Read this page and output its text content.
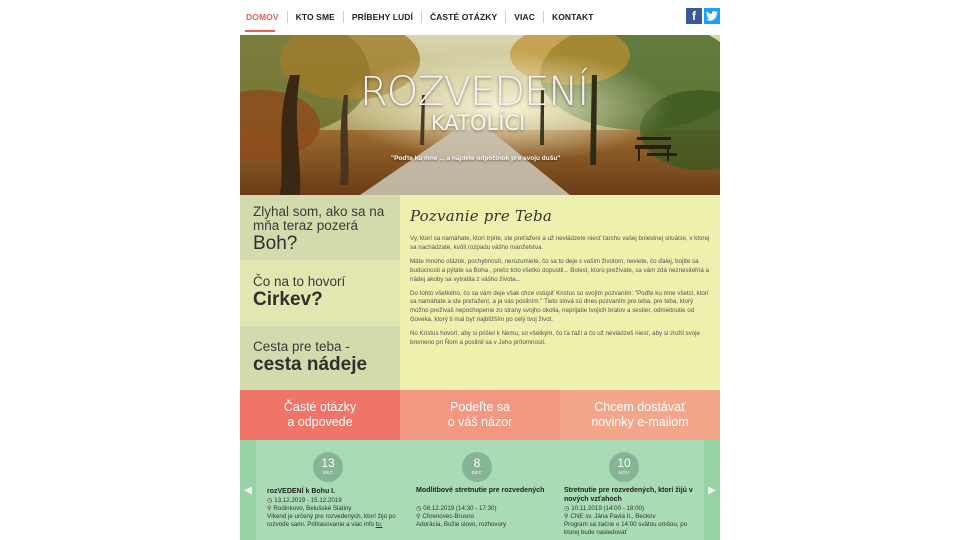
DOMOV	KTO SME	PRÍBEHY LUDÍ	ČASTÉ OTÁZKY	VIAC	KONTAKT	f
ROZVEDENÍ
KATOLÍCI
"Poďte ku mne ... a nájdete odpočinok pre svoju dušu"
Zlyhal som, ako sa na mňa teraz pozerá
Boh?
Čo na to hovorí
Cirkev?
Cesta pre teba -
cesta nádeje
Pozvanie pre Teba

Vy, ktorí sa namáhate, ktorí trpíte, ste preťažení a už nevládzete niesť ťarchu vašej bolestnej situácie, v ktorej sa nachádzate, kvôli rozpadu vášho manželstva.

Máte mnoho otázok, pochybností, nerozumiete, čo sa to deje s vaším životom, neviete, čo ďalej, bojíte sa budúcnosti a pýtate sa Boha , prečo toto všetko dopustil... Bolest, ktorú prežívate, sa vám zdá neznesiteľná a nádej akoby sa vytratila z vášho života...

Do tohto všetkého, čo sa vám deje však chce vstúpiť Kristus so svojím pozvaním: "Poďte ku mne všetci, ktorí sa namáhate a ste preťažení, a ja vás posilním." Tieto slová sú dnes pozvaním pre teba, pre teba, ktorý možno prežívaš nepochopenie zo strany svojho okolia, neprijatie tvojich bratov a sestier, odmietnutie od človeka, ktorý ti mal byť najbližším po celý tvoj život.

No Kristus hovorí, aby si prišiel k Nemu, so všetkým, čo ťa ťaží a čo už nevládzeš niesť, aby si zložil svoje bremeno pri Ňom a posilnil sa v Jeho prítomnosti.

Časté otázky
a odpovede
Podeľte sa
o váš názor
Chcem dostávať
novinky e-mailom
◀
13
DEC
rozVEDENÍ k Bohu I.
◷ 13.12.2019 - 15.12.2019
⚲ Rodinkovo, Belušské Slatiny
Víkend je určený pre rozvedených, ktorí žijú po rozvode sami. Prihlasovanie a viac info tu:
8
DEC
Modlitbové stretnutie pre rozvedených
◷ 08.12.2019 (14:30 - 17:30)
⚲ Chrenovec-Brusno
Adorácia, Božie slovo, rozhovory
10
NOV
Stretnutie pre rozvedených, ktorí žijú v nových vzťahoch
◷ 10.11.2019 (14:00 - 18:00)
⚲ CNE sv. Jána Pavla II., Beckov
Program sa začne o 14:00 svätou omšou, po ktorej bude nasledovať
▶
